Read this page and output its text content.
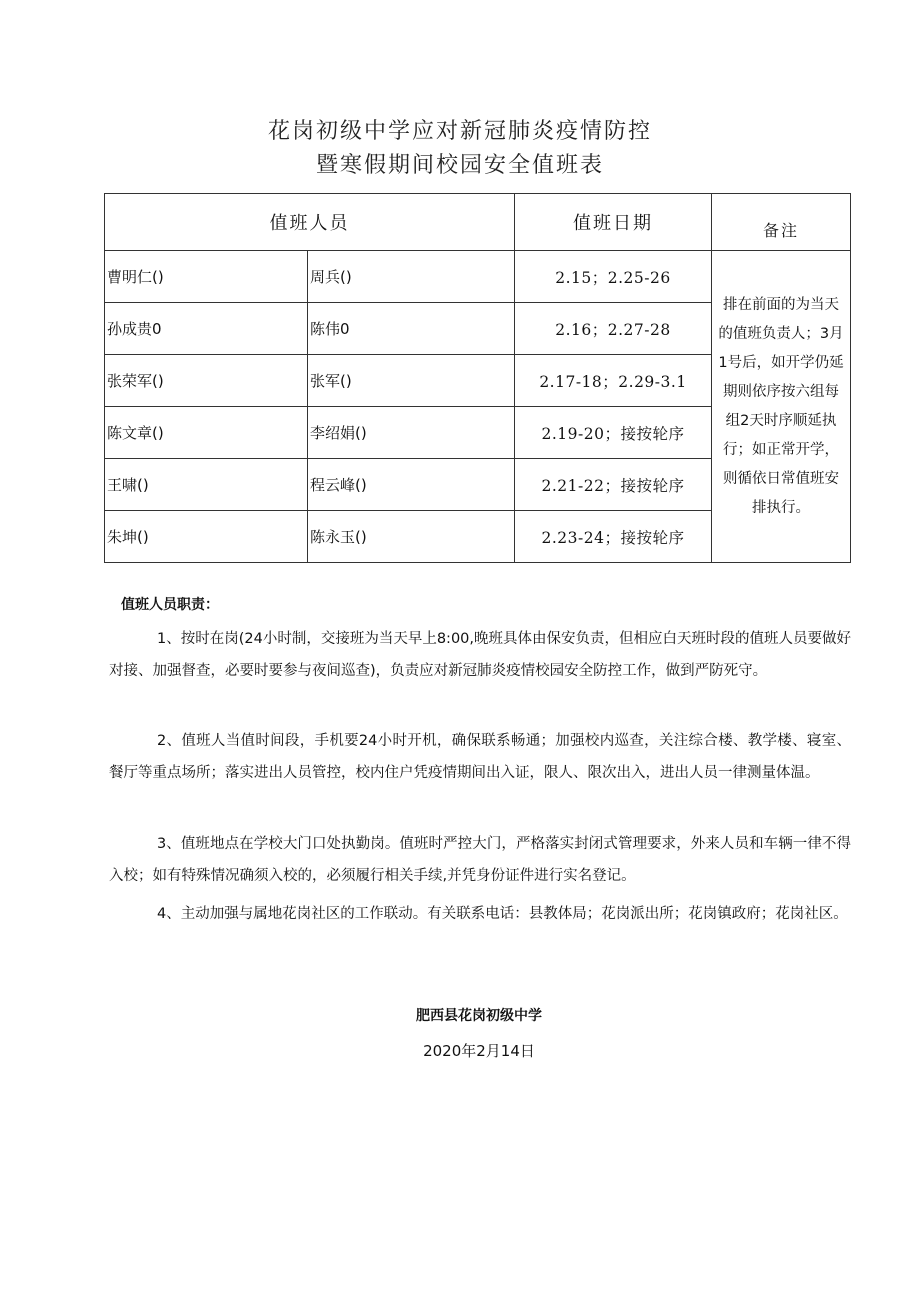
花岗初级中学应对新冠肺炎疫情防控
暨寒假期间校园安全值班表
值班人员		值班日期	备注
曹明仁()	周兵()	2.15；2.25-26	排在前面的为当天的值班负责人；3月1号后，如开学仍延期则依序按六组每组2天时序顺延执行；如正常开学，则循依日常值班安排执行。
孙成贵0	陈伟0	2.16；2.27-28	
张荣军()	张军()	2.17-18；2.29-3.1	
陈文章()	李绍娟()	2.19-20；接按轮序	
王啸()	程云峰()	2.21-22；接按轮序	
朱坤()	陈永玉()	2.23-24；接按轮序	
值班人员职责：
1、按时在岗(24小时制，交接班为当天早上8:00,晚班具体由保安负责，但相应白天班时段的值班人员要做好对接、加强督查，必要时要参与夜间巡查)，负责应对新冠肺炎疫情校园安全防控工作，做到严防死守。
2、值班人当值时间段，手机要24小时开机，确保联系畅通；加强校内巡查，关注综合楼、教学楼、寝室、餐厅等重点场所；落实进出人员管控，校内住户凭疫情期间出入证，限人、限次出入，进出人员一律测量体温。
3、值班地点在学校大门口处执勤岗。值班时严控大门，严格落实封闭式管理要求，外来人员和车辆一律不得入校；如有特殊情况确须入校的，必须履行相关手续,并凭身份证件进行实名登记。
4、主动加强与属地花岗社区的工作联动。有关联系电话：县教体局；花岗派出所；花岗镇政府；花岗社区。
肥西县花岗初级中学
2020年2月14日
